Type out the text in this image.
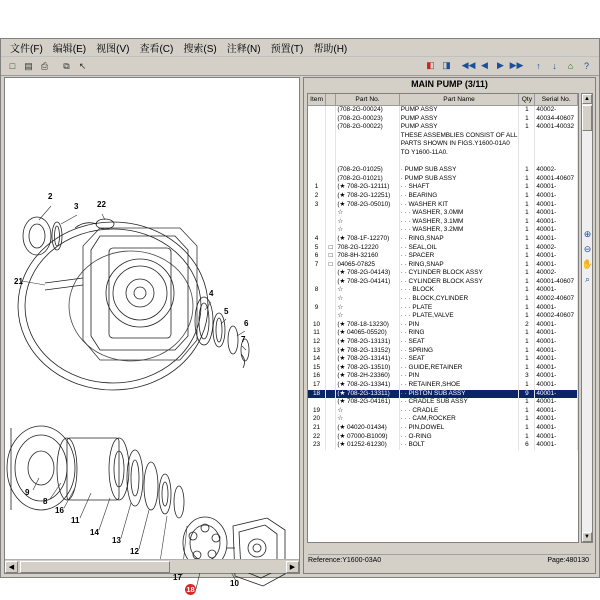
文件(F)	编辑(E)	视图(V)	查看(C)	搜索(S)	注释(N)	预置(T)	帮助(H)
□	▤ ⎙	⧉	↖	◧ ◨	◀◀ ◀	▶ ▶▶	↑	↓	⌂	?
2
3 22
21
4
5
6
7
9
8
16
11
14
13
12
17
10
18
◀	▶
MAIN PUMP (3/11)
Item		Part No.	Part Name	Qty	Serial No.
		(708-2G-00024)	PUMP ASSY	1	40002-
		(708-2G-00023)	PUMP ASSY	1	40034-40607
		(708-2G-00022)	PUMP ASSY	1	40001-40032
			THESE ASSEMBLIES CONSIST OF ALL		
			PARTS SHOWN IN FIGS.Y1600-01A0		
			TO Y1600-11A0.		

		(708-2G-01025)	· PUMP SUB ASSY	1	40002-
		(708-2G-01021)	· PUMP SUB ASSY	1	40001-40607
1		(★ 708-2G-12111)	· · SHAFT	1	40001-
2		(★ 708-2G-12251)	· · BEARING	1	40001-
3		(★ 708-2G-05010)	· · WASHER KIT	1	40001-
		☆	· · · WASHER, 3.0MM	1	40001-
		☆	· · · WASHER, 3.1MM	1	40001-
		☆	· · · WASHER, 3.2MM	1	40001-
4		(★ 708-1F-12270)	· · RING,SNAP	1	40001-
5	□	708-2G-12220	· · SEAL,OIL	1	40002-
6	□	708-8H-32160	· · SPACER	1	40001-
7	□	04065-07825	· · RING,SNAP	1	40001-
		(★ 708-2G-04143)	· · CYLINDER BLOCK ASSY	1	40002-
		(★ 708-2G-04141)	· · CYLINDER BLOCK ASSY	1	40001-40607
8		☆	· · · BLOCK	1	40001-
		☆	· · · BLOCK,CYLINDER	1	40002-40607
9		☆	· · · PLATE	1	40001-
		☆	· · · PLATE,VALVE	1	40002-40607
10		(★ 708-18-13230)	· · PIN	2	40001-
11		(★ 04065-05520)	· · RING	1	40001-
12		(★ 708-2G-13131)	· · SEAT	1	40001-
13		(★ 708-2G-13152)	· · SPRING	1	40001-
14		(★ 708-2G-13141)	· · SEAT	1	40001-
15		(★ 708-2G-13510)	· · GUIDE,RETAINER	1	40001-
16		(★ 708-2H-23360)	· · PIN	3	40001-
17		(★ 708-2G-13341)	· · RETAINER,SHOE	1	40001-
18		(★ 708-2G-13311)	· · PISTON SUB ASSY	9	40001-
		(★ 708-2G-04161)	· · CRADLE SUB ASSY	1	40001-
19		☆	· · · CRADLE	1	40001-
20		☆	· · · CAM,ROCKER	1	40001-
21		(★ 04020-01434)	· · PIN,DOWEL	1	40001-
22		(★ 07000-B1009)	· · O-RING	1	40001-
23		(★ 01252-61230)	· · BOLT	6	40001-
▲
▼
⊕
⊖
✋
⌕
Reference:Y1600-03A0	Page:480130
